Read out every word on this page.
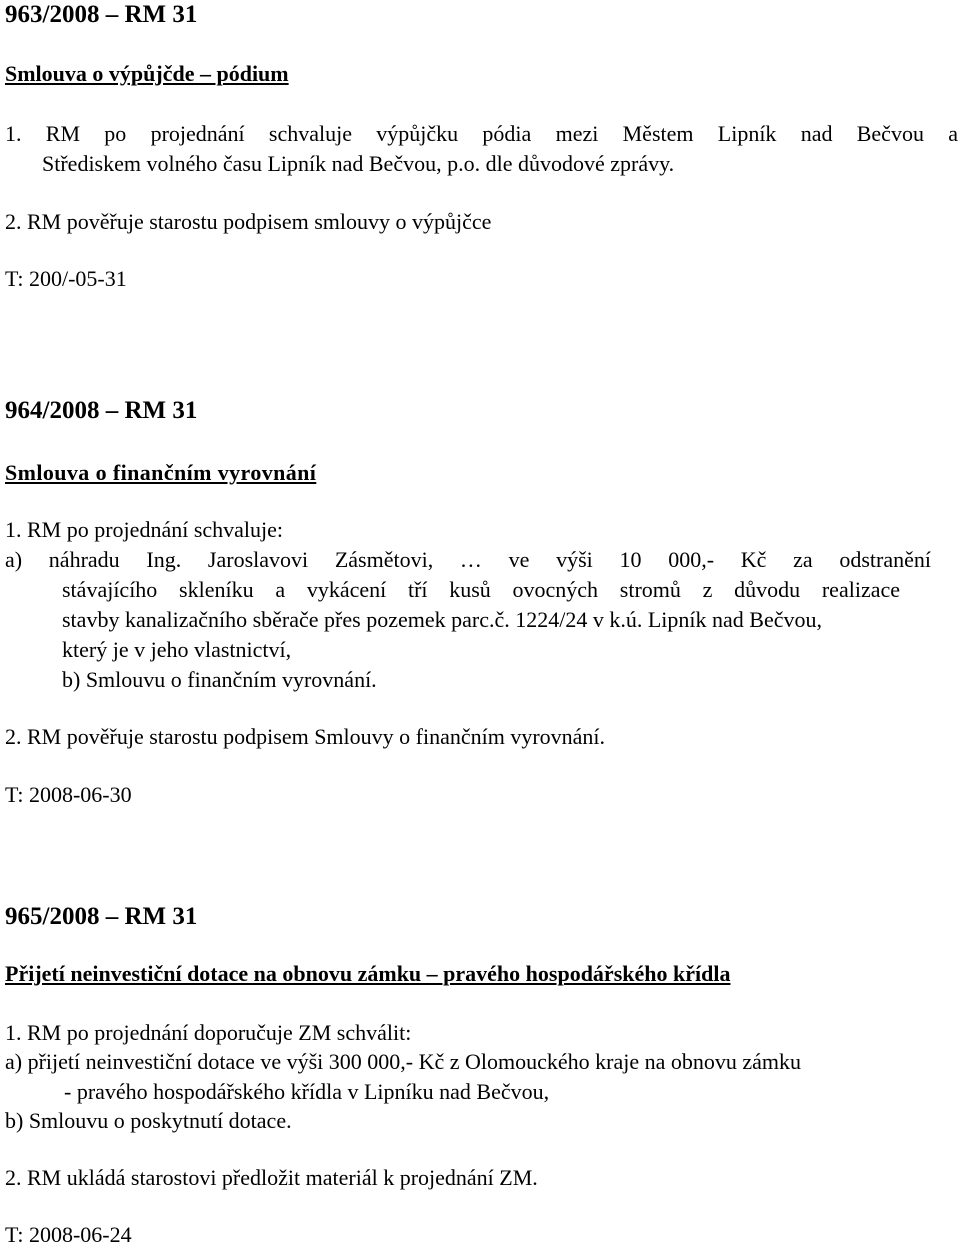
963/2008 – RM 31
Smlouva o výpůjčde – pódium
1. RM po projednání schvaluje výpůjčku pódia mezi Městem Lipník nad Bečvou a
Střediskem volného času Lipník nad Bečvou, p.o. dle důvodové zprávy.
2. RM pověřuje starostu podpisem smlouvy o výpůjčce
T: 200/-05-31
964/2008 – RM 31
Smlouva o finančním vyrovnání
1. RM po projednání schvaluje:
a) náhradu Ing. Jaroslavovi Zásmětovi, … ve výši 10 000,- Kč za odstranění
stávajícího skleníku a vykácení tří kusů ovocných stromů z důvodu realizace
stavby kanalizačního sběrače přes pozemek parc.č. 1224/24 v k.ú. Lipník nad Bečvou,
který je v jeho vlastnictví,
b) Smlouvu o finančním vyrovnání.
2. RM pověřuje starostu podpisem Smlouvy o finančním vyrovnání.
T: 2008-06-30
965/2008 – RM 31
Přijetí neinvestiční dotace na obnovu zámku – pravého hospodářského křídla
1. RM po projednání doporučuje ZM schválit:
a) přijetí neinvestiční dotace ve výši 300 000,- Kč z Olomouckého kraje na obnovu zámku
- pravého hospodářského křídla v Lipníku nad Bečvou,
b) Smlouvu o poskytnutí dotace.
2. RM ukládá starostovi předložit materiál k projednání ZM.
T: 2008-06-24
